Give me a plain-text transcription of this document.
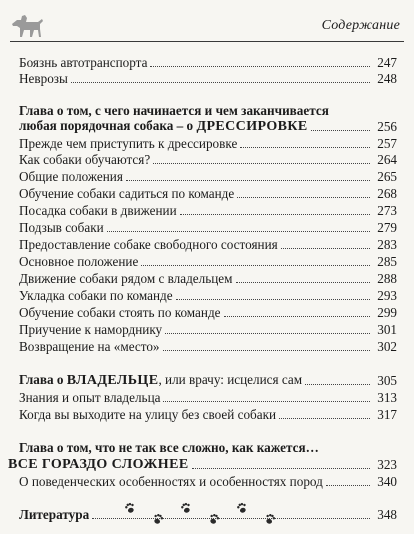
Содержание
Боязнь автотранспорта	247
Неврозы	248
Глава о том, с чего начинается и чем заканчивается
любая порядочная собака – о ДРЕССИРОВКЕ	256
Прежде чем приступить к дрессировке	257
Как собаки обучаются?	264
Общие положения	265
Обучение собаки садиться по команде	268
Посадка собаки в движении	273
Подзыв собаки	279
Предоставление собаке свободного состояния	283
Основное положение	285
Движение собаки рядом с владельцем	288
Укладка собаки по команде	293
Обучение собаки стоять по команде	299
Приучение к наморднику	301
Возвращение на «место»	302
Глава о ВЛАДЕЛЬЦЕ, или врачу: исцелися сам	305
Знания и опыт владельца	313
Когда вы выходите на улицу без своей собаки	317
Глава о том, что не так все сложно, как кажется…
ВСЕ ГОРАЗДО СЛОЖНЕЕ	323
О поведенческих особенностях и особенностях пород	340
Литература	348
